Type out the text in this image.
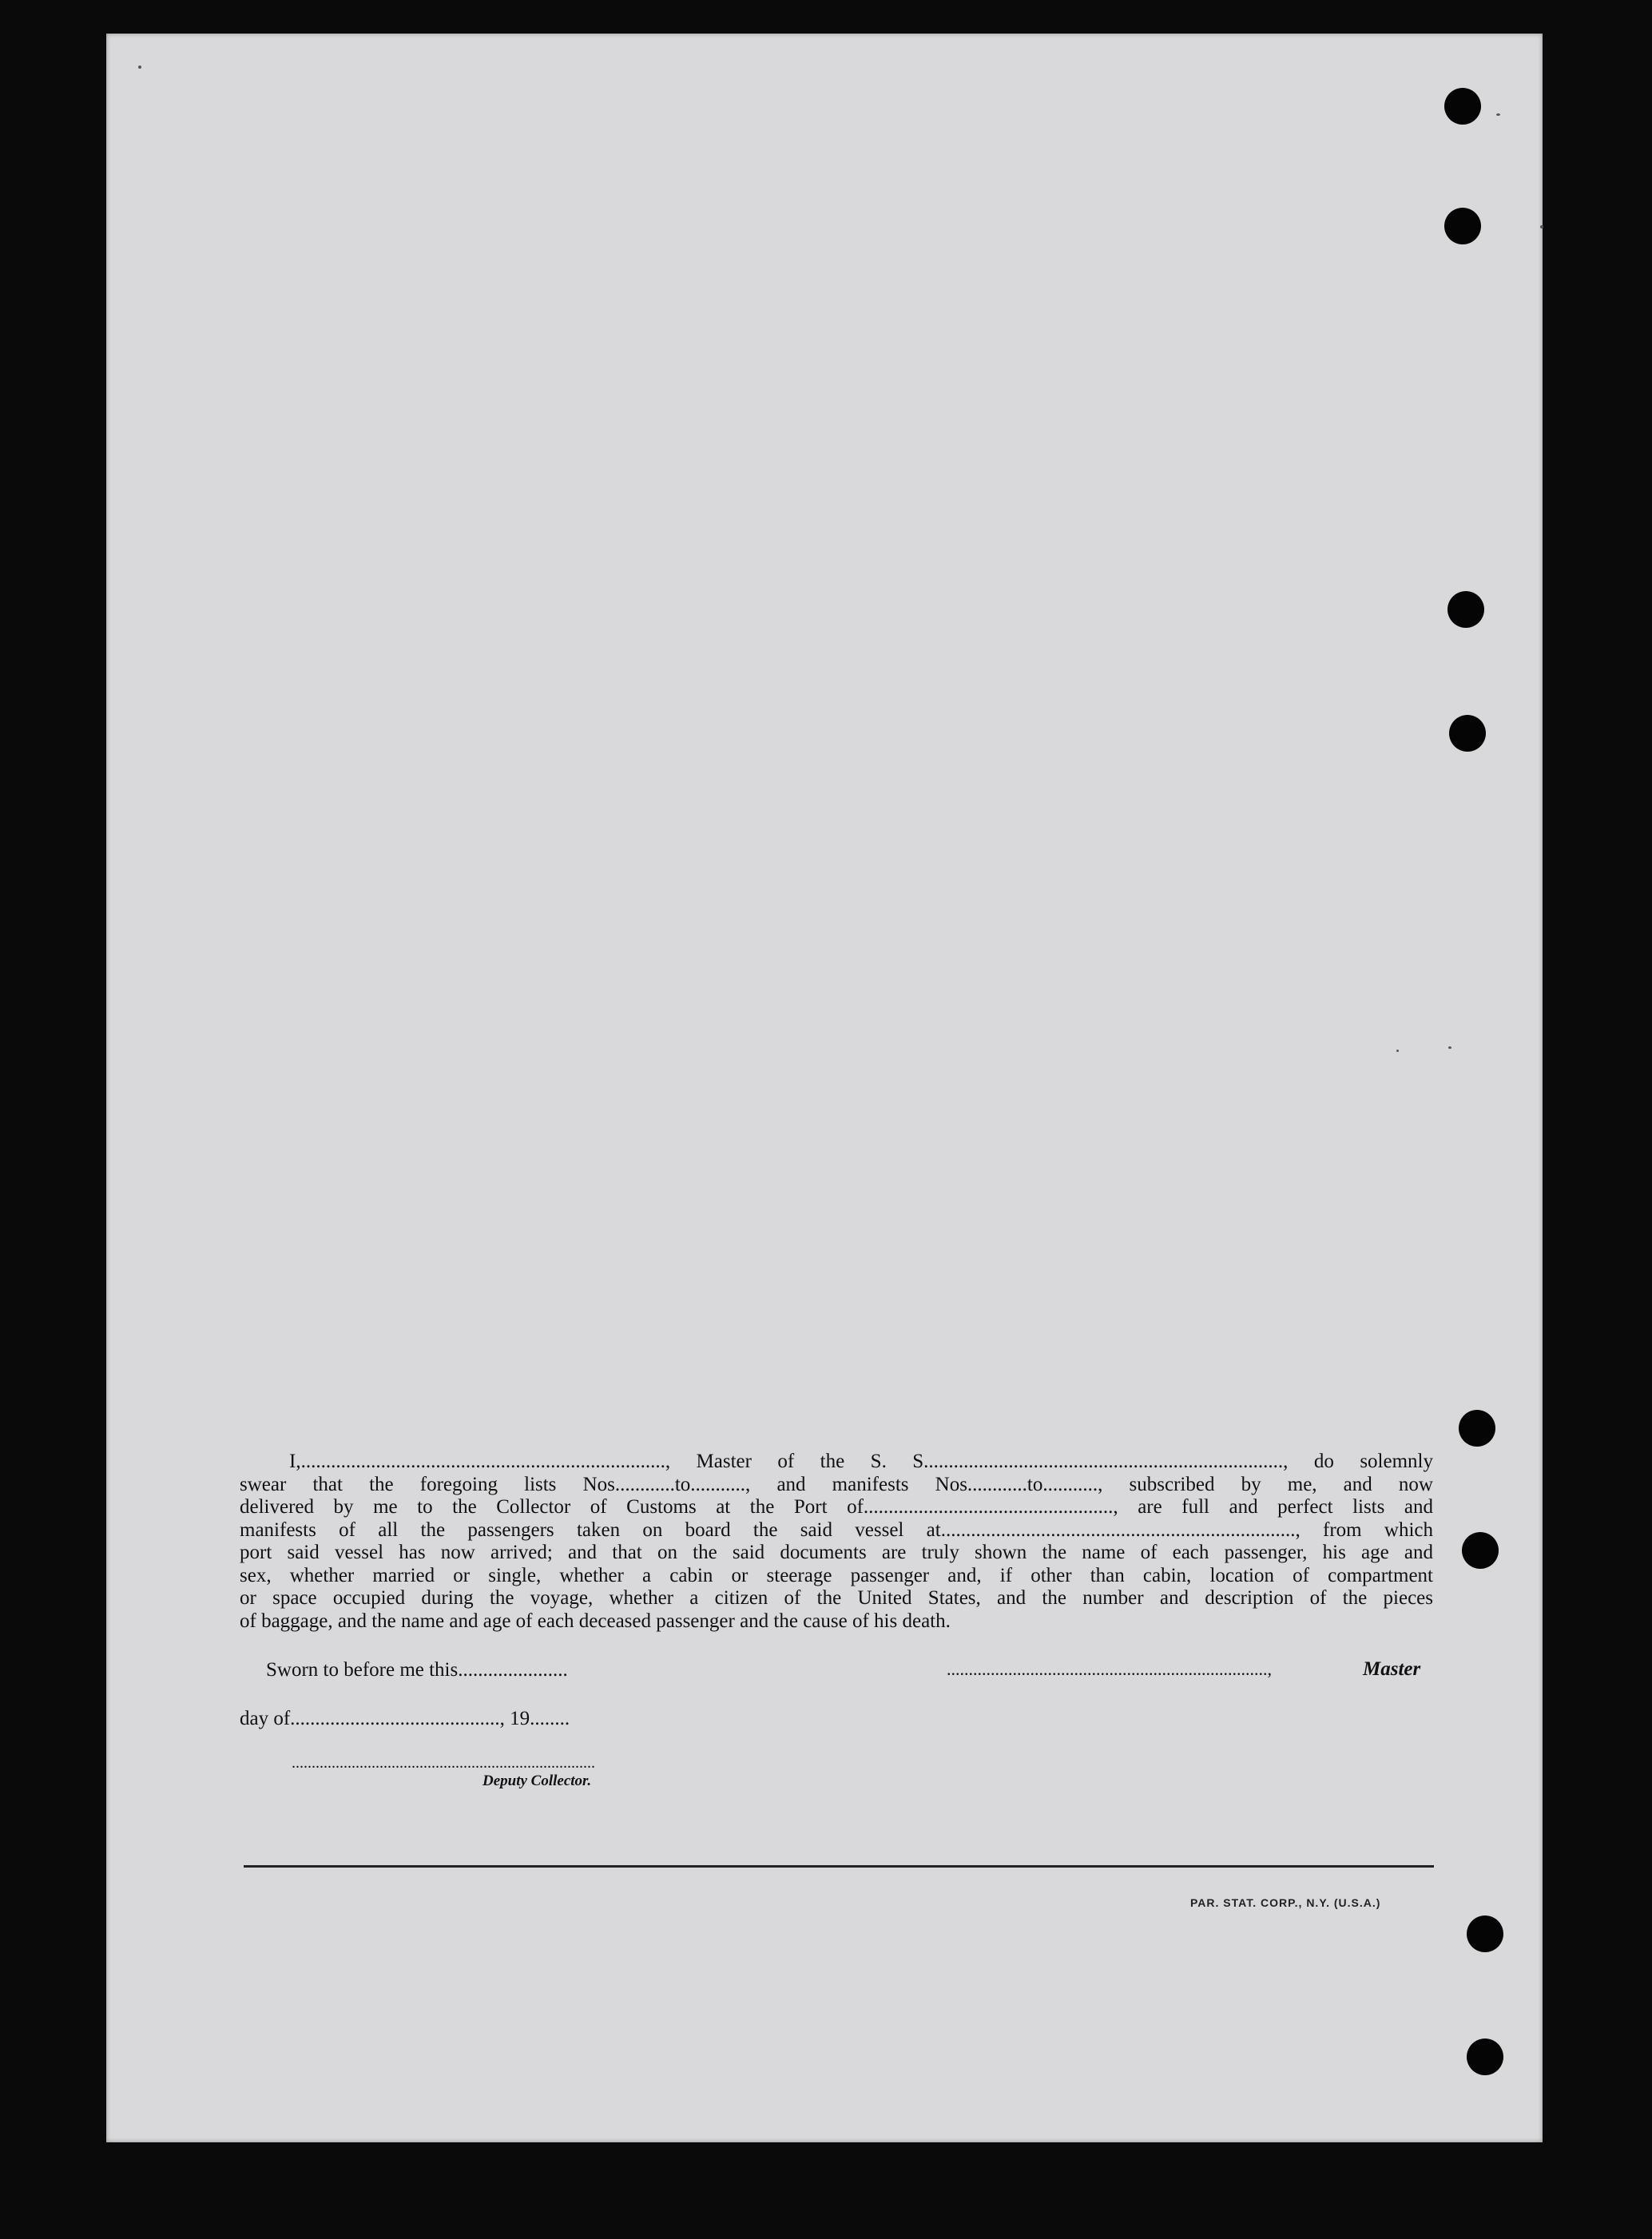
I,........................................................................., Master of the S. S........................................................................, do solemnly
swear that the foregoing lists Nos............to..........., and manifests Nos............to..........., subscribed by me, and now
delivered by me to the Collector of Customs at the Port of.................................................., are full and perfect lists and
manifests of all the passengers taken on board the said vessel at......................................................................., from which
port said vessel has now arrived; and that on the said documents are truly shown the name of each passenger, his age and
sex, whether married or single, whether a cabin or steerage passenger and, if other than cabin, location of compartment
or space occupied during the voyage, whether a citizen of the United States, and the number and description of the pieces
of baggage, and the name and age of each deceased passenger and the cause of his death.
Sworn to before me this......................
day of.........................................., 19........
............................................................................
Deputy Collector.
.........................................................................,	Master
PAR. STAT. CORP., N.Y. (U.S.A.)
